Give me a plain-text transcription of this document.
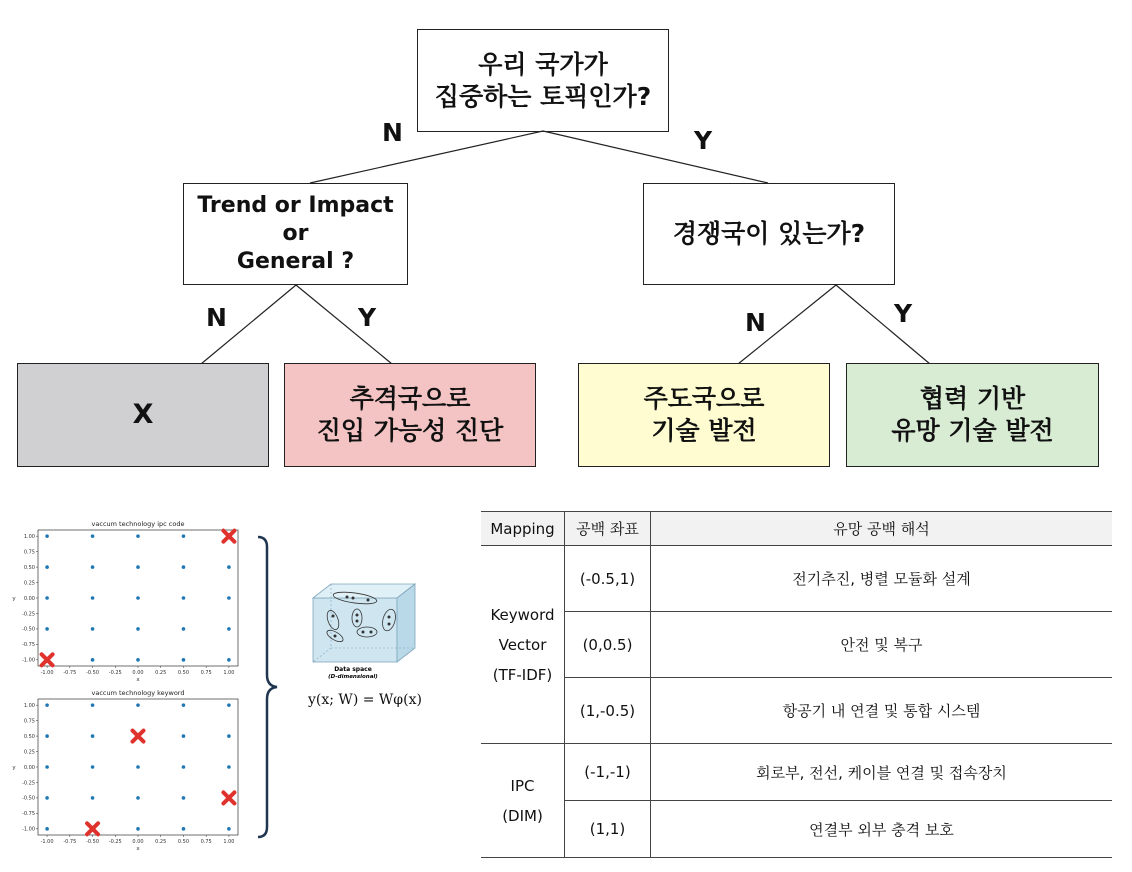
우리 국가가
집중하는 토픽인가?
Trend or Impact or
General ?
경쟁국이 있는가?
X
추격국으로
진입 가능성 진단
주도국으로
기술 발전
협력 기반
유망 기술 발전
N	Y
N	Y	N	Y
vaccum technology ipc code
-1.00 -0.75 -0.50 -0.25 0.00 0.25 0.50 0.75 1.00
1.00
0.75
0.50
0.25
0.00
-0.25
-0.50
-0.75
-1.00
x
y
vaccum technology keyword
-1.00 -0.75 -0.50 -0.25 0.00 0.25 0.50 0.75 1.00
1.00
0.75
0.50
0.25
0.00
-0.25
-0.50
-0.75
-1.00
x
y
Data space
(D-dimensional)
y(x; W) = Wφ(x)
Mapping	공백 좌표	유망 공백 해석

Keyword
Vector
(TF-IDF)	(-0.5,1)	전기추진, 병렬 모듈화 설계
	(0,0.5)	안전 및 복구
	(1,-0.5)	항공기 내 연결 및 통합 시스템

IPC
(DIM)	(-1,-1)	회로부, 전선, 케이블 연결 및 접속장치
	(1,1)	연결부 외부 충격 보호
